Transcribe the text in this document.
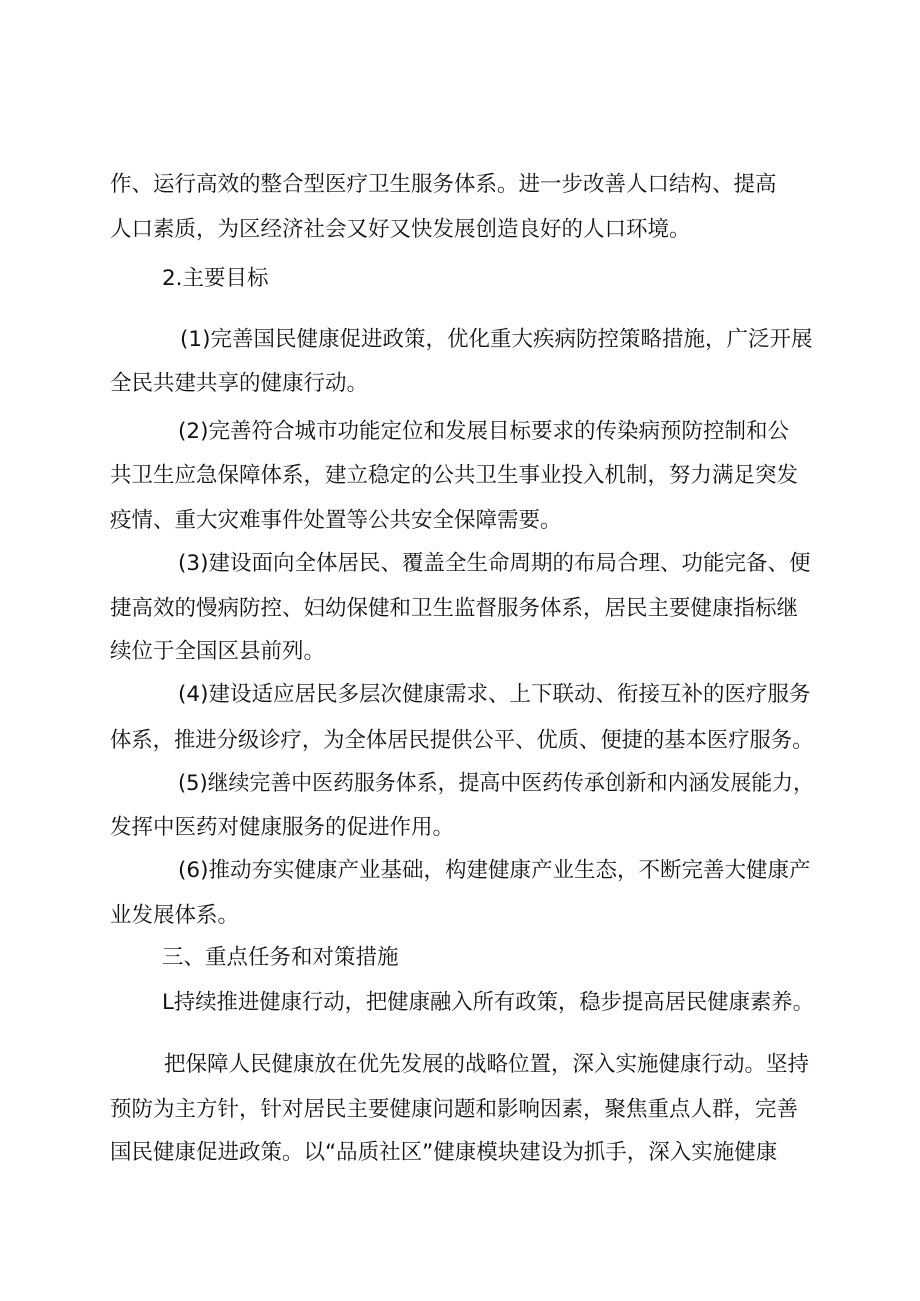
作、运行高效的整合型医疗卫生服务体系。进一步改善人口结构、提高
人口素质，为区经济社会又好又快发展创造良好的人口环境。
2.主要目标
(1)完善国民健康促进政策，优化重大疾病防控策略措施，广泛开展
全民共建共享的健康行动。
(2)完善符合城市功能定位和发展目标要求的传染病预防控制和公
共卫生应急保障体系，建立稳定的公共卫生事业投入机制，努力满足突发
疫情、重大灾难事件处置等公共安全保障需要。
(3)建设面向全体居民、覆盖全生命周期的布局合理、功能完备、便
捷高效的慢病防控、妇幼保健和卫生监督服务体系，居民主要健康指标继
续位于全国区县前列。
(4)建设适应居民多层次健康需求、上下联动、衔接互补的医疗服务
体系，推进分级诊疗，为全体居民提供公平、优质、便捷的基本医疗服务。
(5)继续完善中医药服务体系，提高中医药传承创新和内涵发展能力，
发挥中医药对健康服务的促进作用。
(6)推动夯实健康产业基础，构建健康产业生态，不断完善大健康产
业发展体系。
三、重点任务和对策措施
L持续推进健康行动，把健康融入所有政策，稳步提高居民健康素养。
把保障人民健康放在优先发展的战略位置，深入实施健康行动。坚持
预防为主方针，针对居民主要健康问题和影响因素，聚焦重点人群，完善
国民健康促进政策。以“品质社区”健康模块建设为抓手，深入实施健康
